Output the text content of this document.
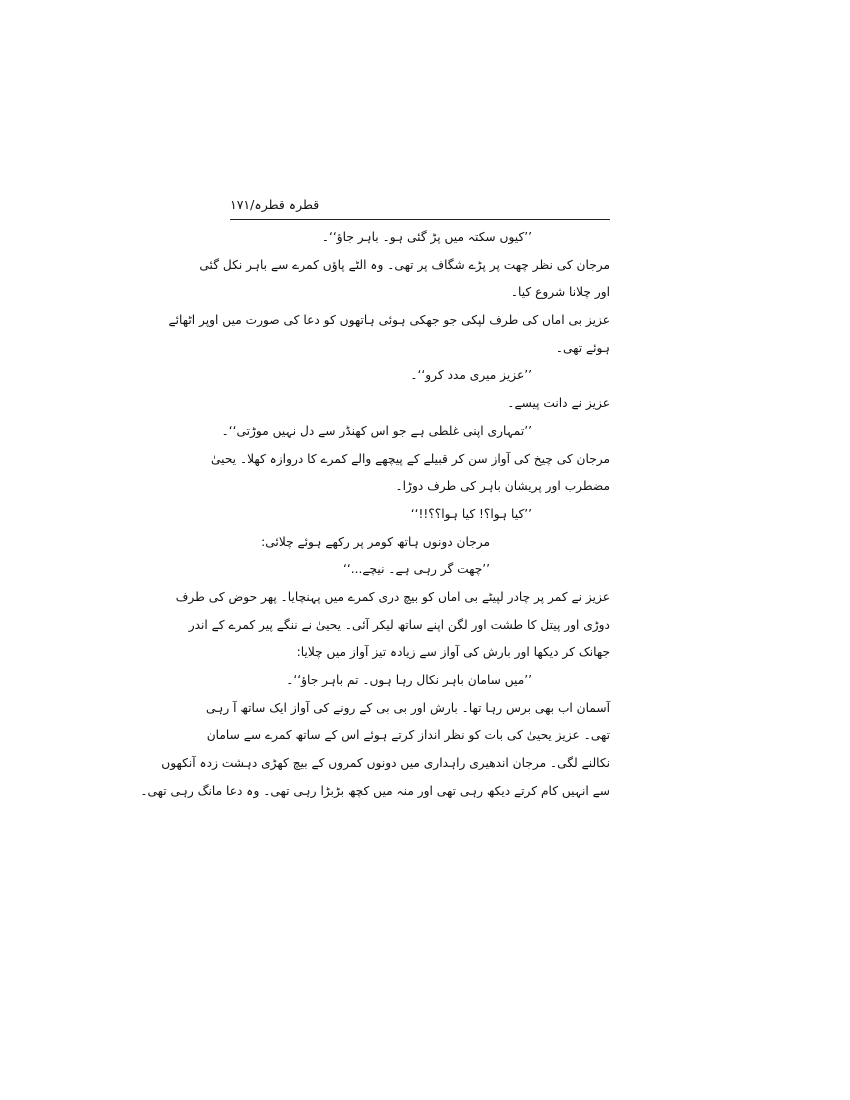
قطرہ قطرہ/۱۷۱
’’کیوں سکتہ میں پڑ گئی ہو۔ باہر جاؤ‘‘۔
مرجان کی نظر چھت پر پڑے شگاف پر تھی۔ وہ الٹے پاؤں کمرے سے باہر نکل گئی
اور چلانا شروع کیا۔
عزیز بی اماں کی طرف لپکی جو جھکی ہوئی ہاتھوں کو دعا کی صورت میں اوپر اٹھائے
ہوئے تھی۔
’’عزیز میری مدد کرو‘‘۔
عزیز نے دانت پیسے۔
’’تمہاری اپنی غلطی ہے جو اس کھنڈر سے دل نہیں موڑتی‘‘۔
مرجان کی چیخ کی آواز سن کر قبیلے کے پیچھے والے کمرے کا دروازہ کھلا۔ یحییٰ
مضطرب اور پریشان باہر کی طرف دوڑا۔
’’کیا ہوا؟! کیا ہوا؟؟!!‘‘
مرجان دونوں ہاتھ کومر پر رکھے ہوئے چلائی:
’’چھت گر رہی ہے۔ نیچے...‘‘
عزیز نے کمر پر چادر لپیٹے بی اماں کو بیچ دری کمرے میں پہنچایا۔ پھر حوض کی طرف
دوڑی اور پیتل کا طشت اور لگن اپنے ساتھ لیکر آئی۔ یحییٰ نے ننگے پیر کمرے کے اندر
جھانک کر دیکھا اور بارش کی آواز سے زیادہ تیز آواز میں چلایا:
’’میں سامان باہر نکال رہا ہوں۔ تم باہر جاؤ‘‘۔
آسمان اب بھی برس رہا تھا۔ بارش اور بی بی کے رونے کی آواز ایک ساتھ آ رہی
تھی۔ عزیز یحییٰ کی بات کو نظر انداز کرتے ہوئے اس کے ساتھ کمرے سے سامان
نکالنے لگی۔ مرجان اندھیری راہداری میں دونوں کمروں کے بیچ کھڑی دہشت زدہ آنکھوں
سے انہیں کام کرتے دیکھ رہی تھی اور منہ میں کچھ بڑبڑا رہی تھی۔ وہ دعا مانگ رہی تھی۔
